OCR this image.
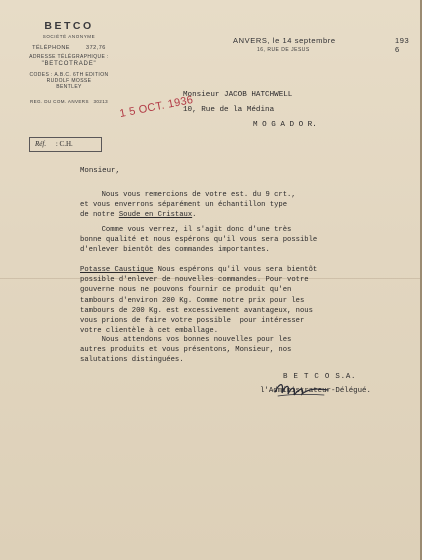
BETCO
SOCIÉTÉ ANONYME
TÉLÉPHONE	372,76
ADRESSE TÉLÉGRAPHIQUE :
"BETCOTRADE"
CODES : A.B.C. 6TH EDITION
RUDOLF MOSSE
BENTLEY
REG. DU COM. ANVERS 30213
ANVERS, le 14 septembre	193 6
16, RUE DE JESUS
1 5 OCT. 1936
Monsieur JACOB HATCHWELL
10, Rue de la Médina
M O G A D O R.
Réf. : C.H.
Monsieur,
Nous vous remercions de votre est. du 9 crt.,
et vous enverrons séparément un échantillon type
de notre Soude en Cristaux.
Comme vous verrez, il s'agit donc d'une très
bonne qualité et nous espérons qu'il vous sera possible
d'enlever bientôt des commandes importantes.
Potasse Caustique Nous espérons qu'il vous sera bientôt
possible d'enlever de nouvelles commandes. Pour votre
gouverne nous ne pouvons fournir ce produit qu'en
tambours d'environ 200 Kg. Comme notre prix pour les
tambours de 200 Kg. est excessivement avantageux, nous
vous prions de faire votre possible  pour intéresser
votre clientèle à cet emballage.
Nous attendons vos bonnes nouvelles pour les
autres produits et vous présentons, Monsieur, nos
salutations distinguées.
B E T C O S.A.
l'Administrateur-Délégué.
